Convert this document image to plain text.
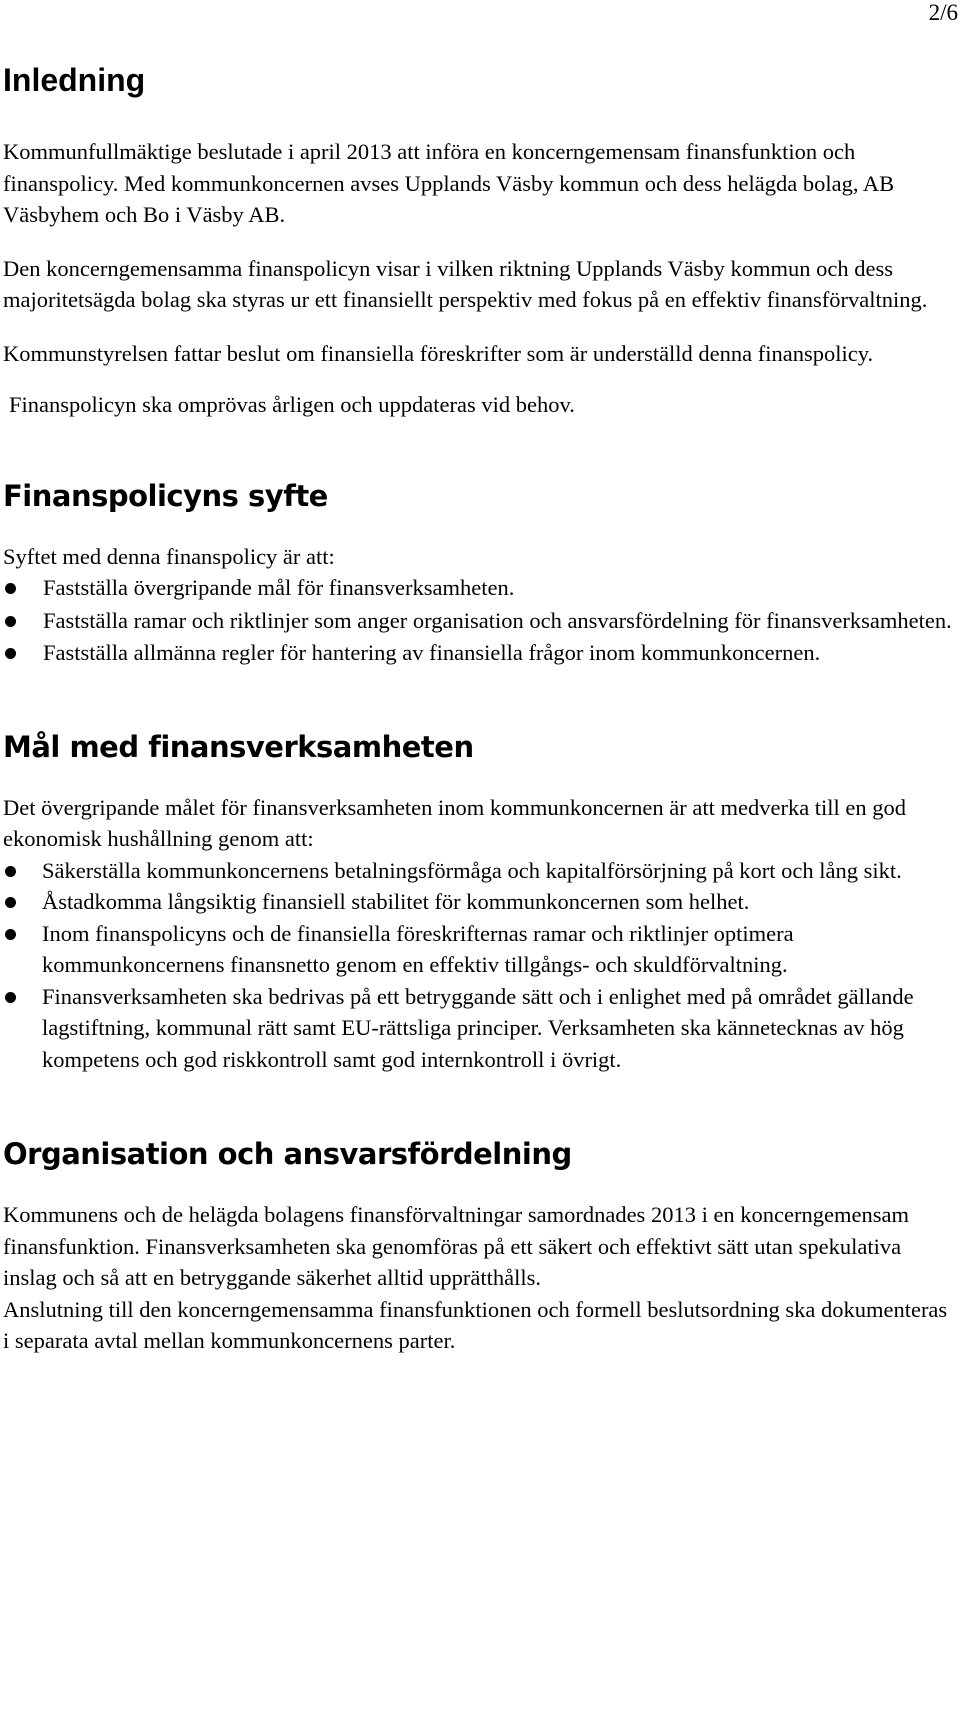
2/6
Inledning

Kommunfullmäktige beslutade i april 2013 att införa en koncerngemensam finansfunktion och finanspolicy. Med kommunkoncernen avses Upplands Väsby kommun och dess helägda bolag, AB Väsbyhem och Bo i Väsby AB.

Den koncerngemensamma finanspolicyn visar i vilken riktning Upplands Väsby kommun och dess majoritetsägda bolag ska styras ur ett finansiellt perspektiv med fokus på en effektiv finansförvaltning.

Kommunstyrelsen fattar beslut om finansiella föreskrifter som är underställd denna finanspolicy.

Finanspolicyn ska omprövas årligen och uppdateras vid behov.

Finanspolicyns syfte

Syftet med denna finanspolicy är att:

Fastställa övergripande mål för finansverksamheten.
Fastställa ramar och riktlinjer som anger organisation och ansvarsfördelning för finansverksamheten.
Fastställa allmänna regler för hantering av finansiella frågor inom kommunkoncernen.
Mål med finansverksamheten

Det övergripande målet för finansverksamheten inom kommunkoncernen är att medverka till en god ekonomisk hushållning genom att:

Säkerställa kommunkoncernens betalningsförmåga och kapitalförsörjning på kort och lång sikt.
Åstadkomma långsiktig finansiell stabilitet för kommunkoncernen som helhet.
Inom finanspolicyns och de finansiella föreskrifternas ramar och riktlinjer optimera kommunkoncernens finansnetto genom en effektiv tillgångs- och skuldförvaltning.
Finansverksamheten ska bedrivas på ett betryggande sätt och i enlighet med på området gällande lagstiftning, kommunal rätt samt EU-rättsliga principer. Verksamheten ska kännetecknas av hög kompetens och god riskkontroll samt god internkontroll i övrigt.
Organisation och ansvarsfördelning

Kommunens och de helägda bolagens finansförvaltningar samordnades 2013 i en koncerngemensam finansfunktion. Finansverksamheten ska genomföras på ett säkert och effektivt sätt utan spekulativa inslag och så att en betryggande säkerhet alltid upprätthålls.

Anslutning till den koncerngemensamma finansfunktionen och formell beslutsordning ska dokumenteras i separata avtal mellan kommunkoncernens parter.
